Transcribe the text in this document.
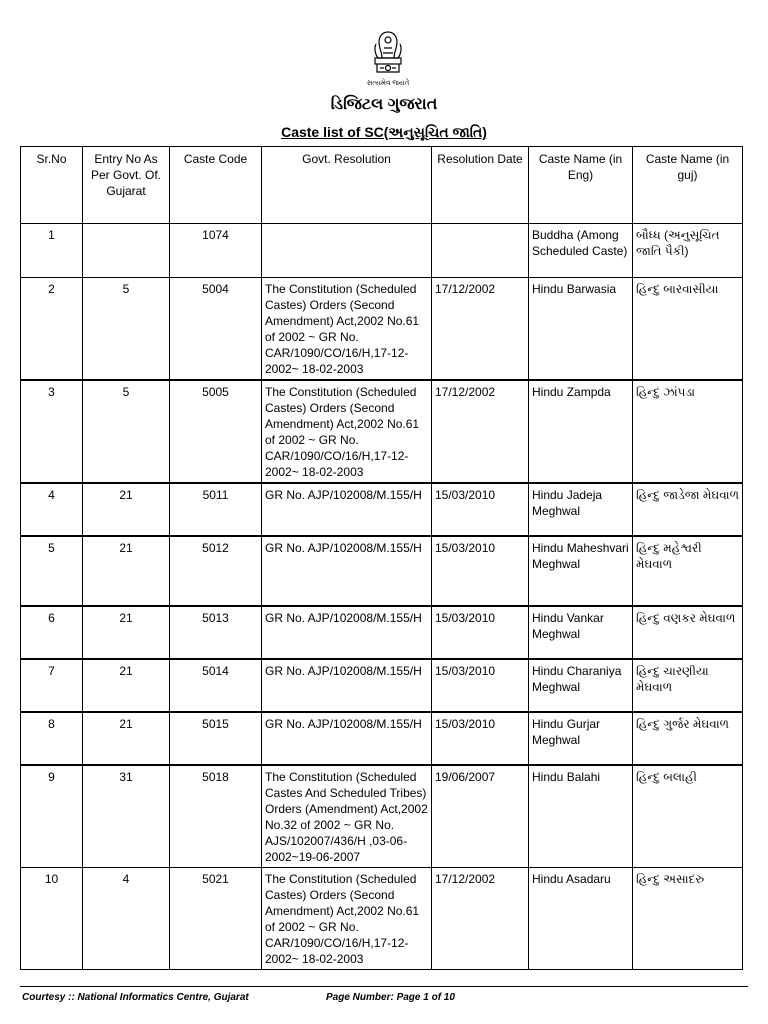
સત્યમેવ જયતે
ડિજિટલ ગુજરાત
Caste list of SC(અનુસૂચિત જાતિ)
Sr.No	Entry No As Per Govt. Of. Gujarat	Caste Code	Govt. Resolution	Resolution Date	Caste Name (in Eng)	Caste Name (in guj)
1		1074			Buddha (Among Scheduled Caste)	બૌધ્ધ (અનુસૂચિત જાતિ પૈકી)
2	5	5004	The Constitution (Scheduled Castes) Orders (Second Amendment) Act,2002 No.61 of 2002 ~ GR No. CAR/1090/CO/16/H,17-12-2002~ 18-02-2003	17/12/2002	Hindu Barwasia	હિન્દુ બારવાસીયા
3	5	5005	The Constitution (Scheduled Castes) Orders (Second Amendment) Act,2002 No.61 of 2002 ~ GR No. CAR/1090/CO/16/H,17-12-2002~ 18-02-2003	17/12/2002	Hindu Zampda	હિન્દુ ઝાંપડા
4	21	5011	GR No. AJP/102008/M.155/H	15/03/2010	Hindu Jadeja Meghwal	હિન્દુ જાડેજા મેઘવાળ
5	21	5012	GR No. AJP/102008/M.155/H	15/03/2010	Hindu Maheshvari Meghwal	હિન્દુ મહેશ્વરી મેઘવાળ
6	21	5013	GR No. AJP/102008/M.155/H	15/03/2010	Hindu Vankar Meghwal	હિન્દુ વણકર મેઘવાળ
7	21	5014	GR No. AJP/102008/M.155/H	15/03/2010	Hindu Charaniya Meghwal	હિન્દુ ચારણીયા મેઘવાળ
8	21	5015	GR No. AJP/102008/M.155/H	15/03/2010	Hindu Gurjar Meghwal	હિન્દુ ગુર્જર મેઘવાળ
9	31	5018	The Constitution (Scheduled Castes And Scheduled Tribes) Orders (Amendment) Act,2002 No.32 of 2002 ~ GR No. AJS/102007/436/H ,03-06-2002~19-06-2007	19/06/2007	Hindu Balahi	હિન્દુ બલાહી
10	4	5021	The Constitution (Scheduled Castes) Orders (Second Amendment) Act,2002 No.61 of 2002 ~ GR No. CAR/1090/CO/16/H,17-12-2002~ 18-02-2003	17/12/2002	Hindu Asadaru	હિન્દુ અસાદરુ
Courtesy :: National Informatics Centre, Gujarat	Page Number: Page 1 of 10
